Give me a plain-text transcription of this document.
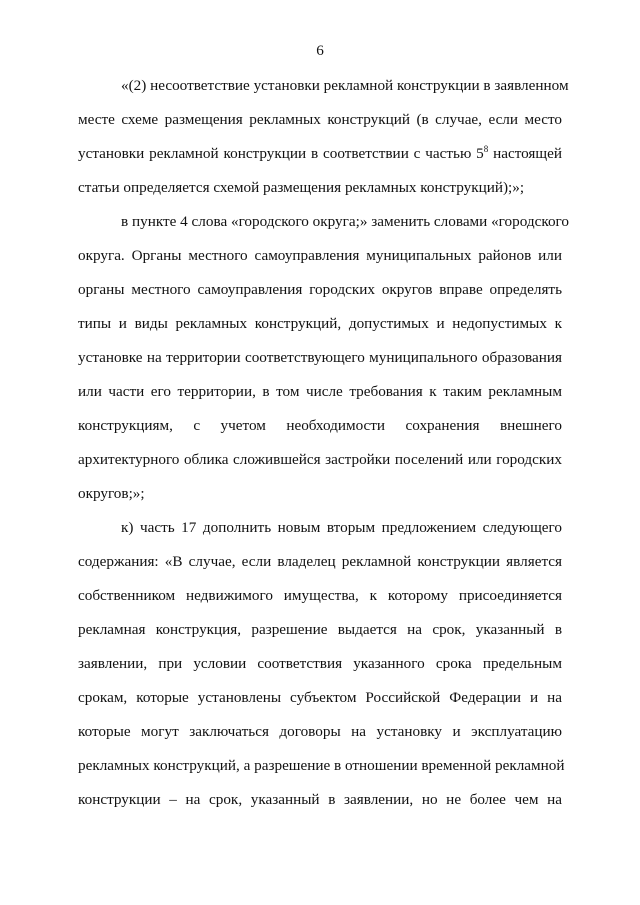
6
«(2) несоответствие установки рекламной конструкции в заявленном
месте схеме размещения рекламных конструкций (в случае, если место
установки рекламной конструкции в соответствии с частью $5^8$ настоящей
статьи определяется схемой размещения рекламных конструкций);»;
в пункте 4 слова «городского округа;» заменить словами «городского
округа. Органы местного самоуправления муниципальных районов или
органы местного самоуправления городских округов вправе определять
типы и виды рекламных конструкций, допустимых и недопустимых к
установке на территории соответствующего муниципального образования
или части его территории, в том числе требования к таким рекламным
конструкциям, с учетом необходимости сохранения внешнего
архитектурного облика сложившейся застройки поселений или городских
округов;»;
к) часть 17 дополнить новым вторым предложением следующего
содержания: «В случае, если владелец рекламной конструкции является
собственником недвижимого имущества, к которому присоединяется
рекламная конструкция, разрешение выдается на срок, указанный в
заявлении, при условии соответствия указанного срока предельным
срокам, которые установлены субъектом Российской Федерации и на
которые могут заключаться договоры на установку и эксплуатацию
рекламных конструкций, а разрешение в отношении временной рекламной
конструкции – на срок, указанный в заявлении, но не более чем на
